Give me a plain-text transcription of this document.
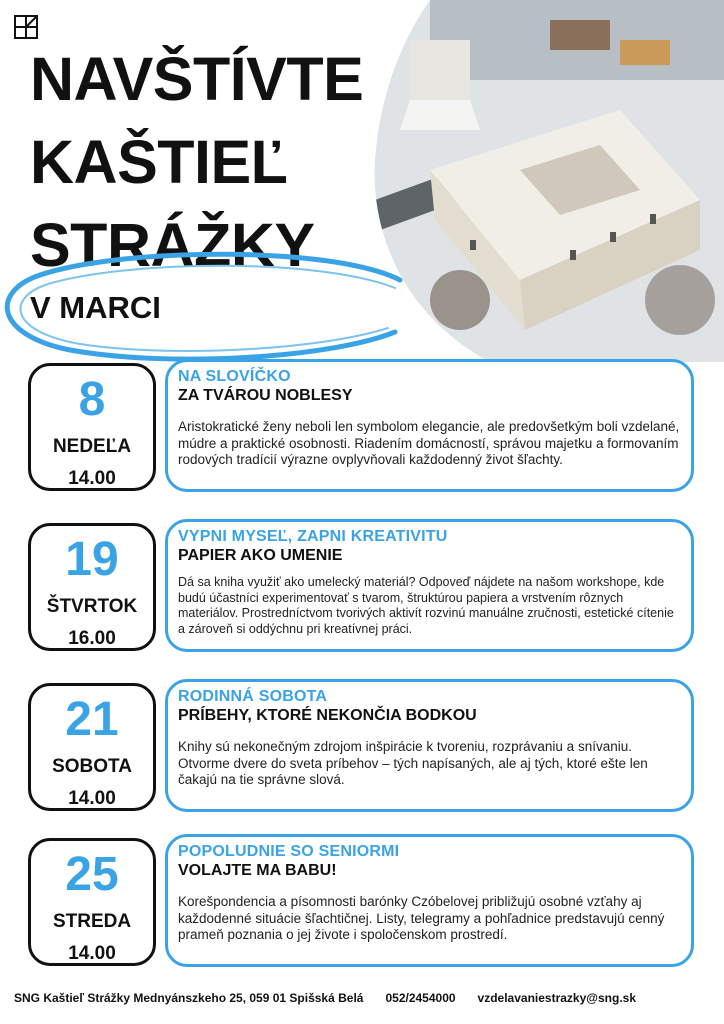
NAVŠTÍVTE
KAŠTIEĽ
STRÁŽKY
V MARCI
8
NEDEĽA
14.00
NA SLOVÍČKO
ZA TVÁROU NOBLESY
Aristokratické ženy neboli len symbolom elegancie, ale predovšetkým boli vzdelané, múdre a praktické osobnosti. Riadením domácností, správou majetku a formovaním rodových tradícií výrazne ovplyvňovali každodenný život šľachty.
19
ŠTVRTOK
16.00
VYPNI MYSEĽ, ZAPNI KREATIVITU
PAPIER AKO UMENIE
Dá sa kniha využiť ako umelecký materiál? Odpoveď nájdete na našom workshope, kde budú účastníci experimentovať s tvarom, štruktúrou papiera a vrstvením rôznych materiálov. Prostredníctvom tvorivých aktivít rozvinú manuálne zručnosti, estetické cítenie a zároveň si oddýchnu pri kreatívnej práci.
21
SOBOTA
14.00
RODINNÁ SOBOTA
PRÍBEHY, KTORÉ NEKONČIA BODKOU
Knihy sú nekonečným zdrojom inšpirácie k tvoreniu, rozprávaniu a snívaniu. Otvorme dvere do sveta príbehov – tých napísaných, ale aj tých, ktoré ešte len čakajú na tie správne slová.
25
STREDA
14.00
POPOLUDNIE SO SENIORMI
VOLAJTE MA BABU!
Korešpondencia a písomnosti barónky Czóbelovej približujú osobné vzťahy aj každodenné situácie šľachtičnej. Listy, telegramy a pohľadnice predstavujú cenný prameň poznania o jej živote i spoločenskom prostredí.
SNG Kaštieľ Strážky Mednyánszkeho 25, 059 01 Spišská Belá 052/2454000 vzdelavaniestrazky@sng.sk
